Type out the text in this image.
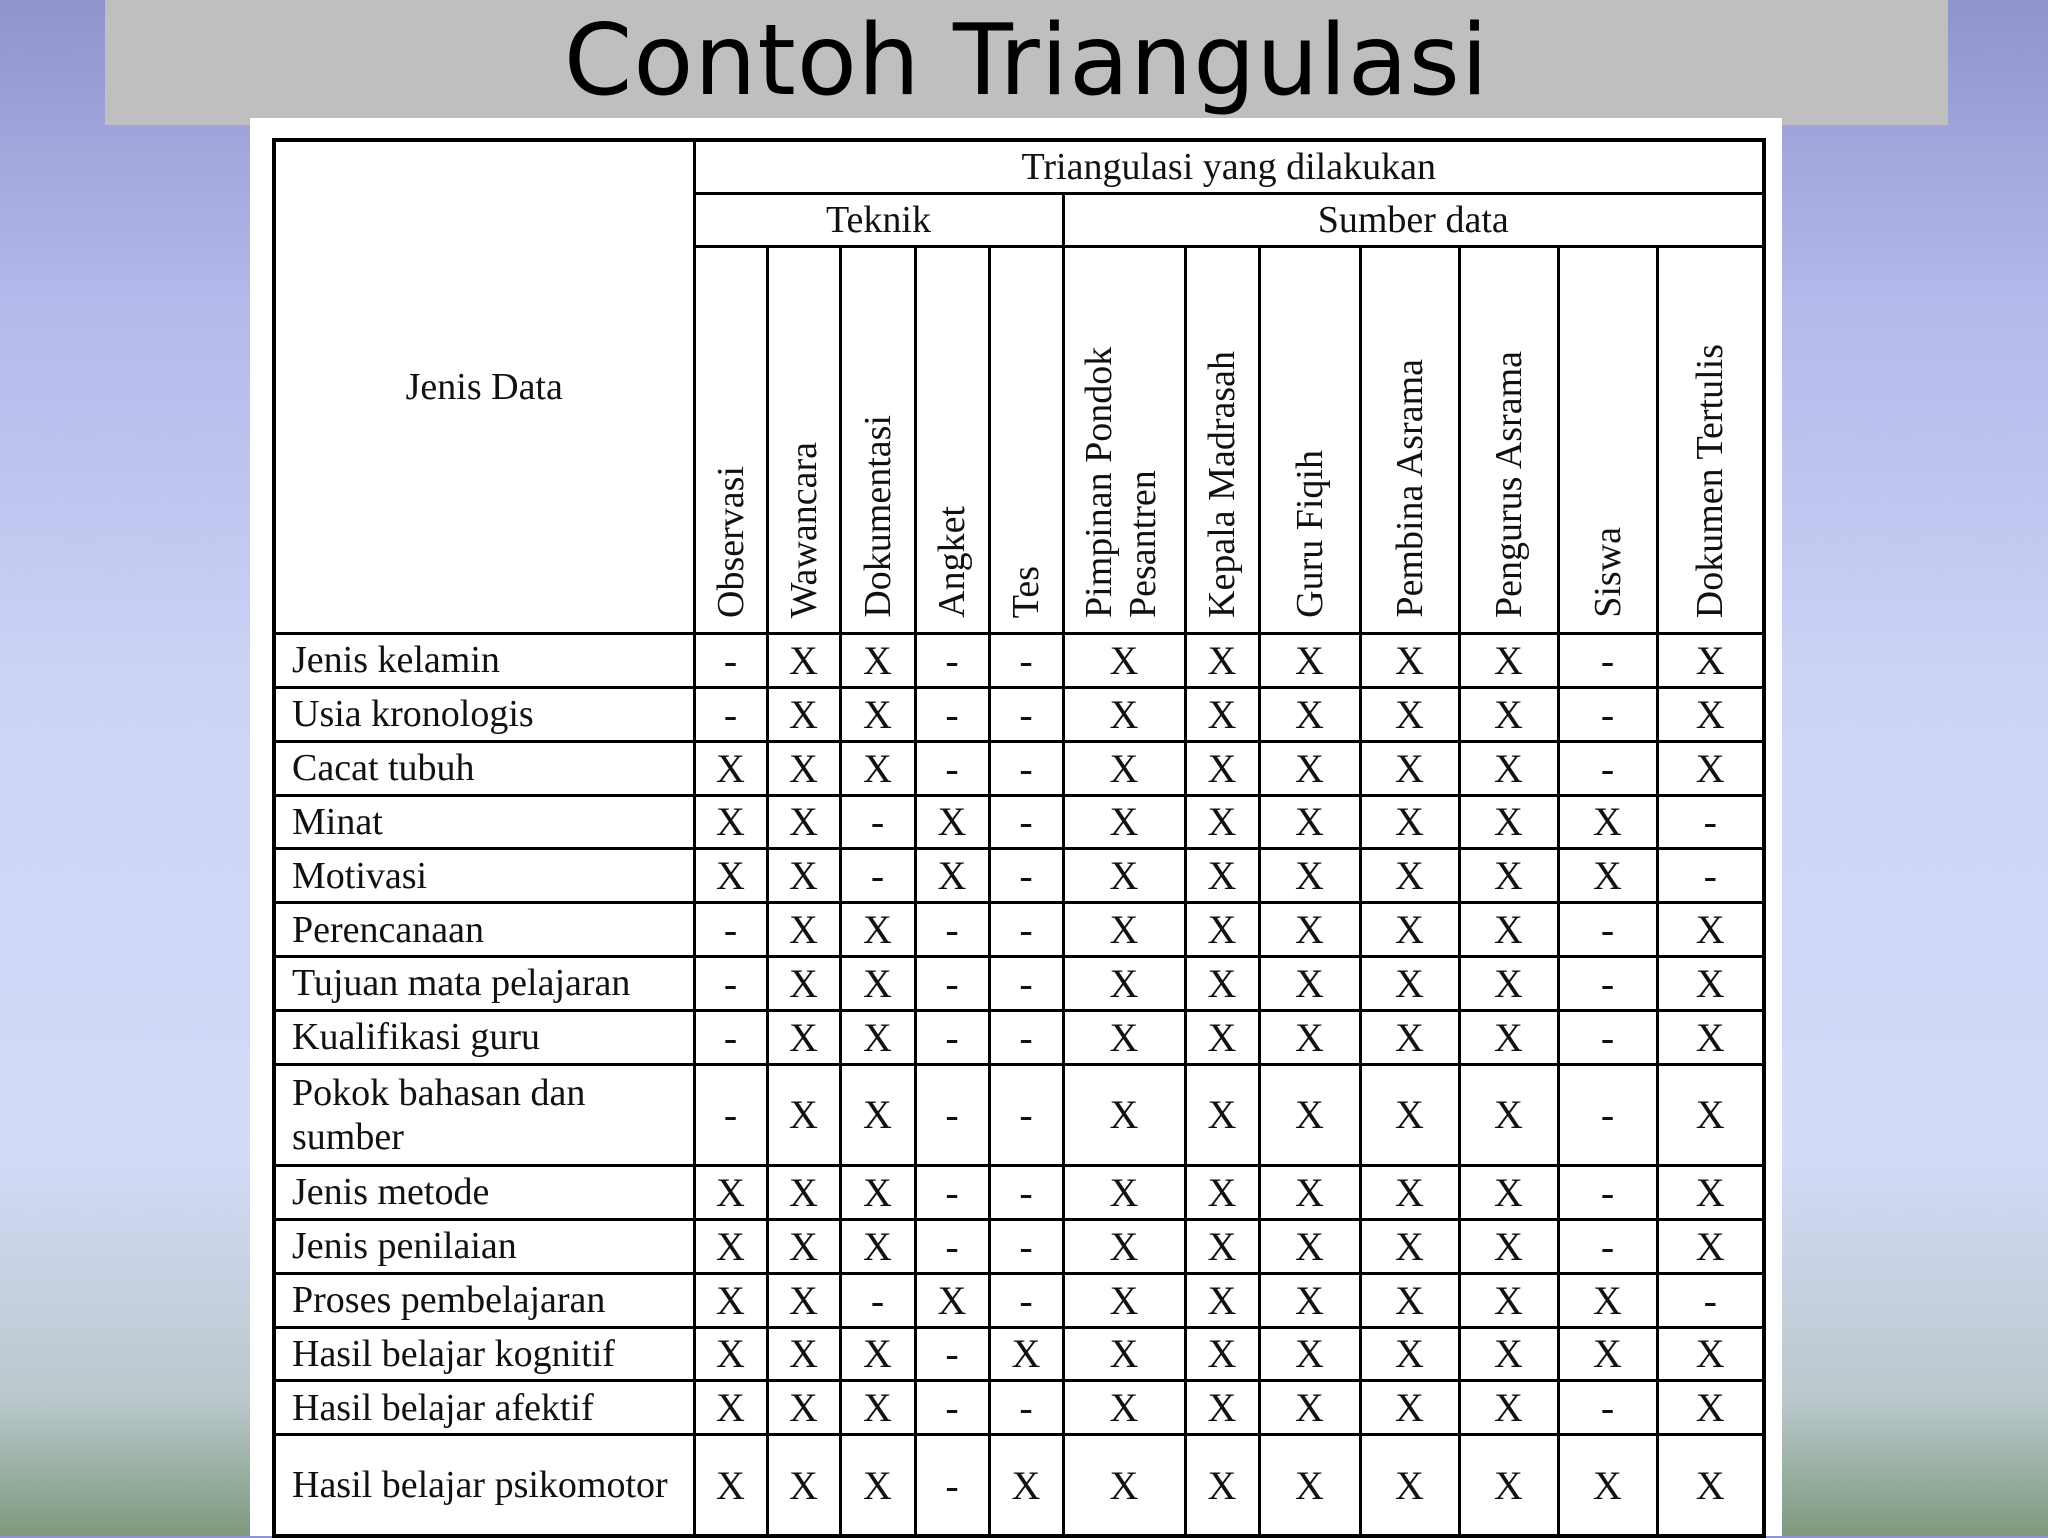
Contoh Triangulasi
Jenis Data	Triangulasi yang dilakukan											
	Teknik					Sumber data						

	Observasi	Wawancara	Dokumentasi	Angket	Tes	Pimpinan Pondok Pesantren	Kepala Madrasah	Guru Fiqih	Pembina Asrama	Pengurus Asrama	Siswa	Dokumen Tertulis

Jenis kelamin	-	X	X	-	-	X	X	X	X	X	-	X
Usia kronologis	-	X	X	-	-	X	X	X	X	X	-	X
Cacat tubuh	X	X	X	-	-	X	X	X	X	X	-	X
Minat	X	X	-	X	-	X	X	X	X	X	X	-
Motivasi	X	X	-	X	-	X	X	X	X	X	X	-
Perencanaan	-	X	X	-	-	X	X	X	X	X	-	X
Tujuan mata pelajaran	-	X	X	-	-	X	X	X	X	X	-	X
Kualifikasi guru	-	X	X	-	-	X	X	X	X	X	-	X
Pokok bahasan dan sumber	-	X	X	-	-	X	X	X	X	X	-	X
Jenis metode	X	X	X	-	-	X	X	X	X	X	-	X
Jenis penilaian	X	X	X	-	-	X	X	X	X	X	-	X
Proses pembelajaran	X	X	-	X	-	X	X	X	X	X	X	-
Hasil belajar kognitif	X	X	X	-	X	X	X	X	X	X	X	X
Hasil belajar afektif	X	X	X	-	-	X	X	X	X	X	-	X
Hasil belajar psikomotor	X	X	X	-	X	X	X	X	X	X	X	X
